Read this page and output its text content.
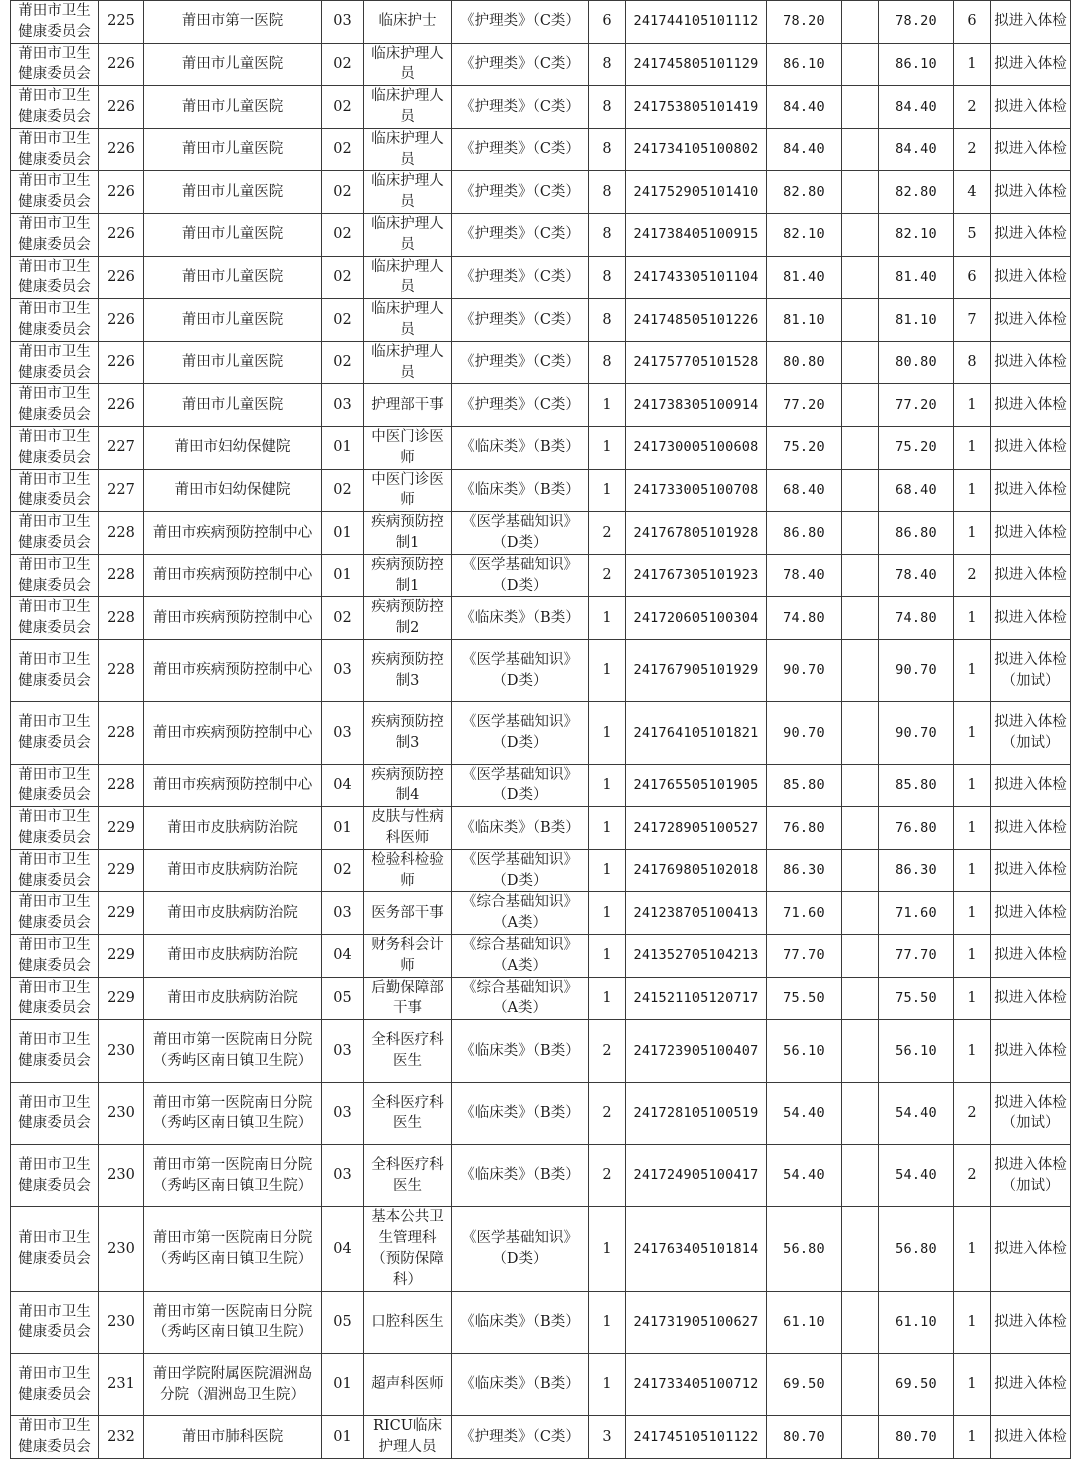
莆田市卫生健康委员会	225	莆田市第一医院	03	临床护士	《护理类》（C类）	6	241744105101112	78.20		78.20	6	拟进入体检
莆田市卫生健康委员会	226	莆田市儿童医院	02	临床护理人员	《护理类》（C类）	8	241745805101129	86.10		86.10	1	拟进入体检
莆田市卫生健康委员会	226	莆田市儿童医院	02	临床护理人员	《护理类》（C类）	8	241753805101419	84.40		84.40	2	拟进入体检
莆田市卫生健康委员会	226	莆田市儿童医院	02	临床护理人员	《护理类》（C类）	8	241734105100802	84.40		84.40	2	拟进入体检
莆田市卫生健康委员会	226	莆田市儿童医院	02	临床护理人员	《护理类》（C类）	8	241752905101410	82.80		82.80	4	拟进入体检
莆田市卫生健康委员会	226	莆田市儿童医院	02	临床护理人员	《护理类》（C类）	8	241738405100915	82.10		82.10	5	拟进入体检
莆田市卫生健康委员会	226	莆田市儿童医院	02	临床护理人员	《护理类》（C类）	8	241743305101104	81.40		81.40	6	拟进入体检
莆田市卫生健康委员会	226	莆田市儿童医院	02	临床护理人员	《护理类》（C类）	8	241748505101226	81.10		81.10	7	拟进入体检
莆田市卫生健康委员会	226	莆田市儿童医院	02	临床护理人员	《护理类》（C类）	8	241757705101528	80.80		80.80	8	拟进入体检
莆田市卫生健康委员会	226	莆田市儿童医院	03	护理部干事	《护理类》（C类）	1	241738305100914	77.20		77.20	1	拟进入体检
莆田市卫生健康委员会	227	莆田市妇幼保健院	01	中医门诊医师	《临床类》（B类）	1	241730005100608	75.20		75.20	1	拟进入体检
莆田市卫生健康委员会	227	莆田市妇幼保健院	02	中医门诊医师	《临床类》（B类）	1	241733005100708	68.40		68.40	1	拟进入体检
莆田市卫生健康委员会	228	莆田市疾病预防控制中心	01	疾病预防控制1	《医学基础知识》（D类）	2	241767805101928	86.80		86.80	1	拟进入体检
莆田市卫生健康委员会	228	莆田市疾病预防控制中心	01	疾病预防控制1	《医学基础知识》（D类）	2	241767305101923	78.40		78.40	2	拟进入体检
莆田市卫生健康委员会	228	莆田市疾病预防控制中心	02	疾病预防控制2	《临床类》（B类）	1	241720605100304	74.80		74.80	1	拟进入体检
莆田市卫生健康委员会	228	莆田市疾病预防控制中心	03	疾病预防控制3	《医学基础知识》（D类）	1	241767905101929	90.70		90.70	1	拟进入体检（加试）
莆田市卫生健康委员会	228	莆田市疾病预防控制中心	03	疾病预防控制3	《医学基础知识》（D类）	1	241764105101821	90.70		90.70	1	拟进入体检（加试）
莆田市卫生健康委员会	228	莆田市疾病预防控制中心	04	疾病预防控制4	《医学基础知识》（D类）	1	241765505101905	85.80		85.80	1	拟进入体检
莆田市卫生健康委员会	229	莆田市皮肤病防治院	01	皮肤与性病科医师	《临床类》（B类）	1	241728905100527	76.80		76.80	1	拟进入体检
莆田市卫生健康委员会	229	莆田市皮肤病防治院	02	检验科检验师	《医学基础知识》（D类）	1	241769805102018	86.30		86.30	1	拟进入体检
莆田市卫生健康委员会	229	莆田市皮肤病防治院	03	医务部干事	《综合基础知识》（A类）	1	241238705100413	71.60		71.60	1	拟进入体检
莆田市卫生健康委员会	229	莆田市皮肤病防治院	04	财务科会计师	《综合基础知识》（A类）	1	241352705104213	77.70		77.70	1	拟进入体检
莆田市卫生健康委员会	229	莆田市皮肤病防治院	05	后勤保障部干事	《综合基础知识》（A类）	1	241521105120717	75.50		75.50	1	拟进入体检
莆田市卫生健康委员会	230	莆田市第一医院南日分院（秀屿区南日镇卫生院）	03	全科医疗科医生	《临床类》（B类）	2	241723905100407	56.10		56.10	1	拟进入体检
莆田市卫生健康委员会	230	莆田市第一医院南日分院（秀屿区南日镇卫生院）	03	全科医疗科医生	《临床类》（B类）	2	241728105100519	54.40		54.40	2	拟进入体检（加试）
莆田市卫生健康委员会	230	莆田市第一医院南日分院（秀屿区南日镇卫生院）	03	全科医疗科医生	《临床类》（B类）	2	241724905100417	54.40		54.40	2	拟进入体检（加试）
莆田市卫生健康委员会	230	莆田市第一医院南日分院（秀屿区南日镇卫生院）	04	基本公共卫生管理科（预防保障科）	《医学基础知识》（D类）	1	241763405101814	56.80		56.80	1	拟进入体检
莆田市卫生健康委员会	230	莆田市第一医院南日分院（秀屿区南日镇卫生院）	05	口腔科医生	《临床类》（B类）	1	241731905100627	61.10		61.10	1	拟进入体检
莆田市卫生健康委员会	231	莆田学院附属医院湄洲岛分院（湄洲岛卫生院）	01	超声科医师	《临床类》（B类）	1	241733405100712	69.50		69.50	1	拟进入体检
莆田市卫生健康委员会	232	莆田市肺科医院	01	RICU临床护理人员	《护理类》（C类）	3	241745105101122	80.70		80.70	1	拟进入体检
